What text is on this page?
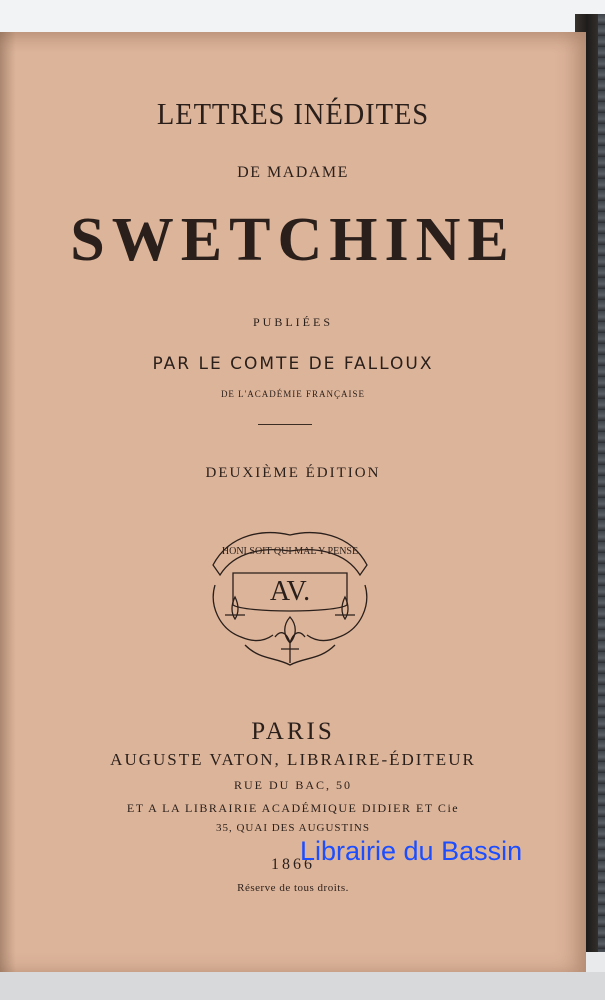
LETTRES INÉDITES
DE MADAME
SWETCHINE
PUBLIÉES
PAR LE COMTE DE FALLOUX
DE L'ACADÉMIE FRANÇAISE
DEUXIÈME ÉDITION
HONI SOIT QUI MAL Y PENSE
AV.
PARIS
AUGUSTE VATON, LIBRAIRE-ÉDITEUR
RUE DU BAC, 50
ET A LA LIBRAIRIE ACADÉMIQUE DIDIER ET Cie
35, QUAI DES AUGUSTINS
1866
Réserve de tous droits.
Librairie du Bassin
